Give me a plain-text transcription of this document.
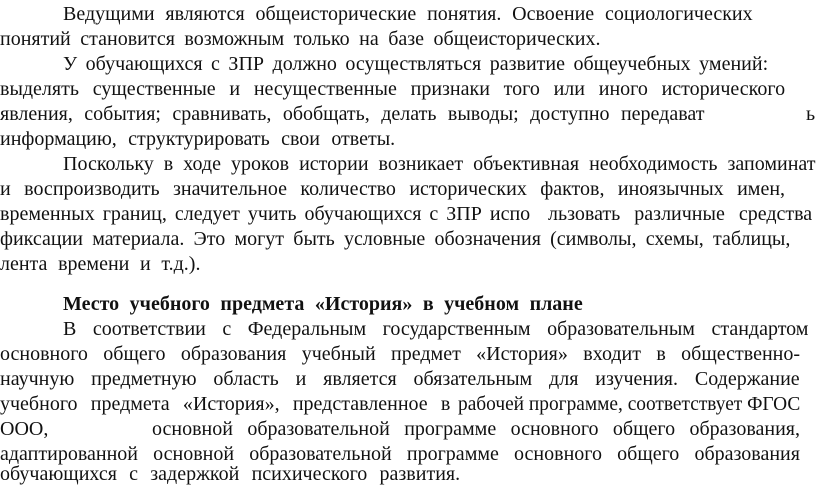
Ведущими являются общеисторические понятия. Освоение социологических
понятий становится возможным только на базе общеисторических.
У обучающихся с ЗПР должно осуществляться развитие общеучебных умений:
выделять существенные и несущественные признаки того или иного исторического
явления, события; сравнивать, обобщать, делать выводы; доступно передават	ь
информацию, структурировать свои ответы.
Поскольку в ходе уроков истории возникает объективная необходимость запоминат
и воспроизводить значительное количество исторических фактов, иноязычных имен,
временных границ, следует учить обучающихся с ЗПР испо льзовать различные средства
фиксации материала. Это могут быть условные обозначения (символы, схемы, таблицы,
лента времени и т.д.).
Место учебного предмета «История» в учебном плане
В соответствии с Федеральным государственным образовательным стандартом
основного общего образования учебный предмет «История» входит в общественно-
научную предметную область и является обязательным для изучения. Содержание
учебного предмета «История», представленное в рабочей программе, соответствует ФГОС
ООО,	основной образовательной программе основного общего образования,
адаптированной основной образовательной программе основного общего образования
обучающихся с задержкой психического развития.
